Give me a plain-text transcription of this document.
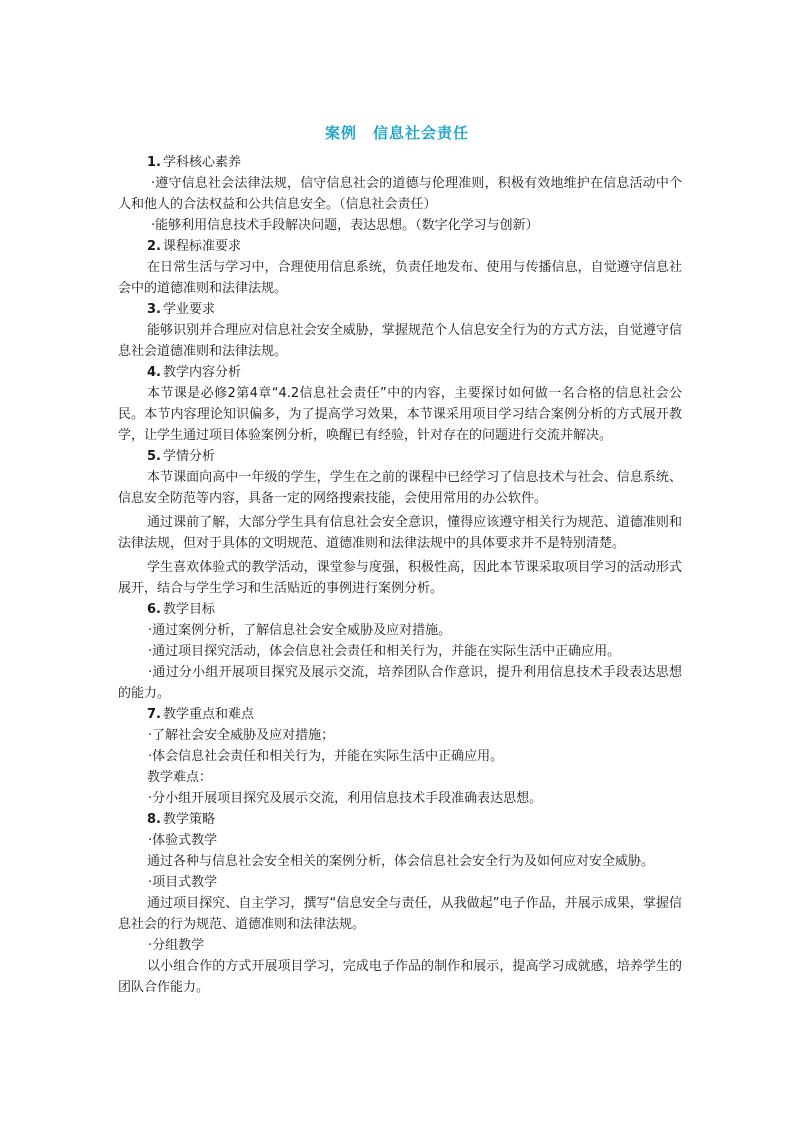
案例　信息社会责任

1. 学科核心素养

·遵守信息社会法律法规，信守信息社会的道德与伦理准则，积极有效地维护在信息活动中个人和他人的合法权益和公共信息安全。（信息社会责任）

·能够利用信息技术手段解决问题，表达思想。（数字化学习与创新）

2. 课程标准要求

在日常生活与学习中，合理使用信息系统，负责任地发布、使用与传播信息，自觉遵守信息社会中的道德准则和法律法规。

3. 学业要求

能够识别并合理应对信息社会安全威胁，掌握规范个人信息安全行为的方式方法，自觉遵守信息社会道德准则和法律法规。

4. 教学内容分析

本节课是必修2第4章“4.2信息社会责任”中的内容，主要探讨如何做一名合格的信息社会公民。本节内容理论知识偏多，为了提高学习效果，本节课采用项目学习结合案例分析的方式展开教学，让学生通过项目体验案例分析，唤醒已有经验，针对存在的问题进行交流并解决。

5. 学情分析

本节课面向高中一年级的学生，学生在之前的课程中已经学习了信息技术与社会、信息系统、信息安全防范等内容，具备一定的网络搜索技能，会使用常用的办公软件。

通过课前了解，大部分学生具有信息社会安全意识，懂得应该遵守相关行为规范、道德准则和法律法规，但对于具体的文明规范、道德准则和法律法规中的具体要求并不是特别清楚。

学生喜欢体验式的教学活动，课堂参与度强，积极性高，因此本节课采取项目学习的活动形式展开，结合与学生学习和生活贴近的事例进行案例分析。

6. 教学目标

·通过案例分析，了解信息社会安全威胁及应对措施。

·通过项目探究活动，体会信息社会责任和相关行为，并能在实际生活中正确应用。

·通过分小组开展项目探究及展示交流，培养团队合作意识，提升利用信息技术手段表达思想的能力。

7. 教学重点和难点

·了解社会安全威胁及应对措施；

·体会信息社会责任和相关行为，并能在实际生活中正确应用。

教学难点：

·分小组开展项目探究及展示交流，利用信息技术手段准确表达思想。

8. 教学策略

·体验式教学

通过各种与信息社会安全相关的案例分析，体会信息社会安全行为及如何应对安全威胁。

·项目式教学

通过项目探究、自主学习，撰写“信息安全与责任，从我做起”电子作品，并展示成果，掌握信息社会的行为规范、道德准则和法律法规。

·分组教学

以小组合作的方式开展项目学习，完成电子作品的制作和展示，提高学习成就感，培养学生的团队合作能力。
